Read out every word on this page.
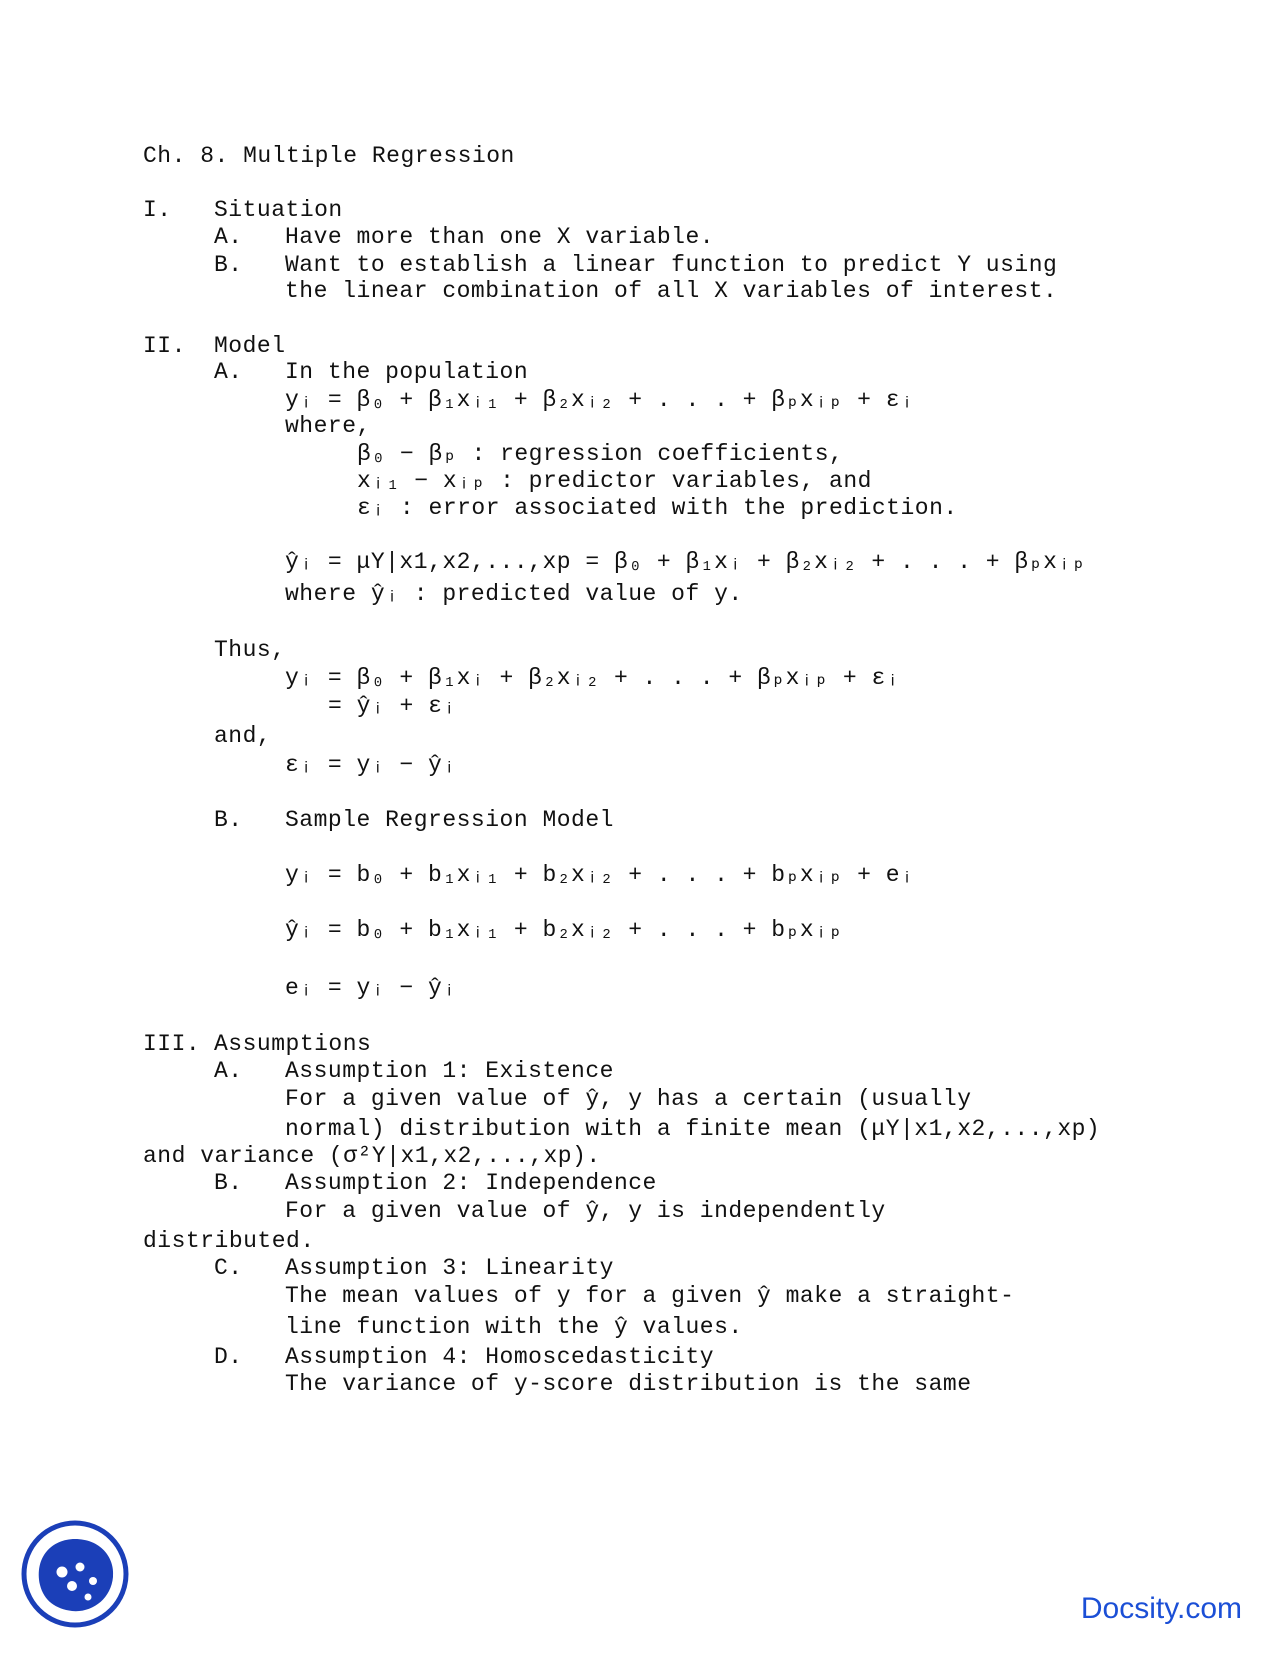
Ch. 8. Multiple Regression
I. Situation
A. Have more than one X variable.
B. Want to establish a linear function to predict Y using
the linear combination of all X variables of interest.
II. Model
A. In the population
yᵢ = β₀ + β₁xᵢ₁ + β₂xᵢ₂ + . . . + βₚxᵢₚ + εᵢ
where,
β₀ − βₚ : regression coefficients,
xᵢ₁ − xᵢₚ : predictor variables, and
εᵢ : error associated with the prediction.
ŷᵢ = μY|x1,x2,...,xp = β₀ + β₁xᵢ + β₂xᵢ₂ + . . . + βₚxᵢₚ
where ŷᵢ : predicted value of y.
Thus,
yᵢ = β₀ + β₁xᵢ + β₂xᵢ₂ + . . . + βₚxᵢₚ + εᵢ
= ŷᵢ + εᵢ
and,
εᵢ = yᵢ − ŷᵢ
B. Sample Regression Model
yᵢ = b₀ + b₁xᵢ₁ + b₂xᵢ₂ + . . . + bₚxᵢₚ + eᵢ
ŷᵢ = b₀ + b₁xᵢ₁ + b₂xᵢ₂ + . . . + bₚxᵢₚ
eᵢ = yᵢ − ŷᵢ
III. Assumptions
A. Assumption 1: Existence
For a given value of ŷ, y has a certain (usually
normal) distribution with a finite mean (μY|x1,x2,...,xp)
and variance (σ²Y|x1,x2,...,xp).
B. Assumption 2: Independence
For a given value of ŷ, y is independently
distributed.
C. Assumption 3: Linearity
The mean values of y for a given ŷ make a straight-
line function with the ŷ values.
D. Assumption 4: Homoscedasticity
The variance of y-score distribution is the same
Docsity.com
